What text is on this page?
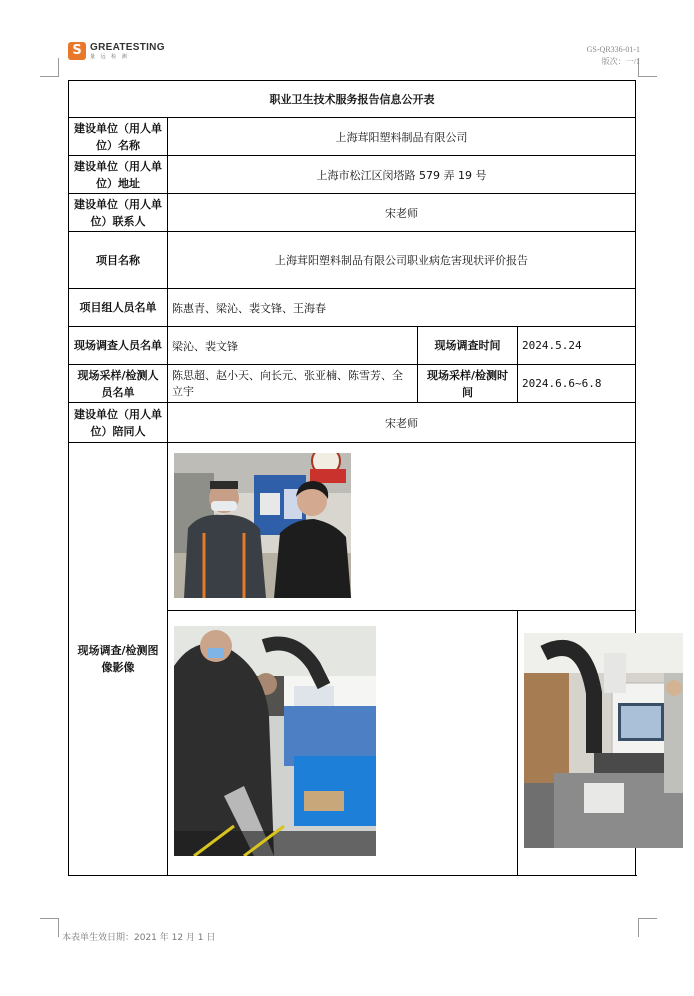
S GREATESTING
量 远 检 测
GS-QR336-01-1
版次：一/1
职业卫生技术服务报告信息公开表			
建设单位（用人单位）名称	上海茸阳塑料制品有限公司		
建设单位（用人单位）地址	上海市松江区闵塔路 579 弄 19 号		
建设单位（用人单位）联系人	宋老师		
项目名称	上海茸阳塑料制品有限公司职业病危害现状评价报告		
项目组人员名单	陈惠青、梁沁、裴文锋、王海春		
现场调查人员名单	梁沁、裴文锋	现场调查时间	2024.5.24
现场采样/检测人员名单	陈思超、赵小天、向长元、张亚楠、陈雪芳、全立宇	现场采样/检测时间	2024.6.6~6.8
建设单位（用人单位）陪同人	宋老师		
现场调查/检测图像影像	

本表单生效日期：2021 年 12 月 1 日
